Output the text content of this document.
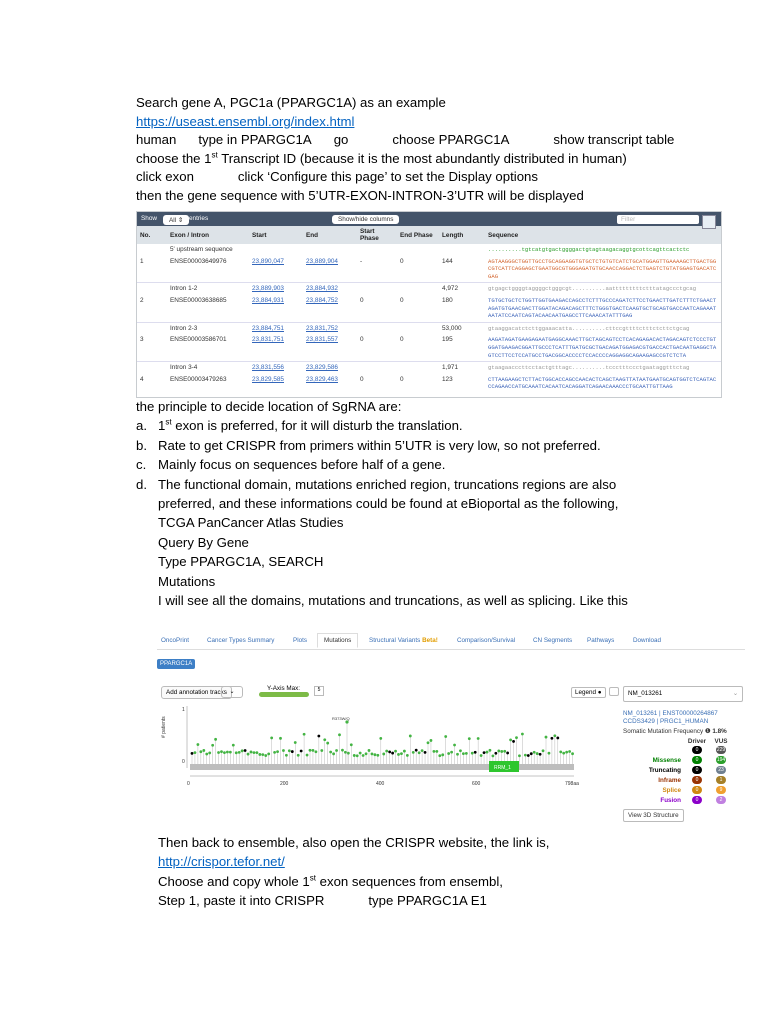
Search gene A, PGC1a (PPARGC1A) as an example

https://useast.ensembl.org/index.html

human type in PPARGC1A go	choose PPARGC1A	show transcript table

choose the 1st Transcript ID (because it is the most abundantly distributed in human)

click exon	click ‘Configure this page’ to set the Display options

then the gene sequence with 5’UTR-EXON-INTRON-3’UTR will be displayed

Show	All ⇕ entries	Show/hide columns	Filter
No.	Exon / Intron	Start	End	Start Phase	End Phase	Length	Sequence
	5' upstream sequence						..........tgtcatgtgactggggactgtagtaagacaggtgcottcagttcactctc
1	ENSE00003649976	23,890,047	23,889,904	-	0	144	AGTAAGGGCTGGTTGCCTGCAGGAGGTGTGCTCTGTGTCATCTGCATGGAGTTGAAAAGCTTGACTGGCGTCATTCAGGAGCTGAATGGCGTGGGAGATGTGCAACCAGGACTCTGAGTCTGTATGGAGTGACATCGAG
	Intron 1-2	23,889,903	23,884,932			4,972	gtgagctggggtaggggctgggcgt..........aatttttttttctttatagccctgcag
2	ENSE00003638685	23,884,931	23,884,752	0	0	180	TGTGCTGCTCTGGTTGGTGAAGACCAGCCTCTTTGCCCAGATCTTCCTGAACTTGATCTTTCTGAACTAGATGTGAACGACTTGGATACAGACAGCTTTCTGGGTGACTCAAGTGCTGCAGTGACCAATCAGAAATAATATCCAATCAGTACAACAATGAGCCTTCAAACATATTTGAG
	Intron 2-3	23,884,751	23,831,752			53,000	gtaaggacatctcttggaaacatta..........cttccgttttctttctcttctgcag
3	ENSE00003586701	23,831,751	23,831,557	0	0	195	AAGATAGATGAAGAGAATGAGGCAAACTTGCTAGCAGTCCTCACAGAGACACTAGACAGTCTCCCTGTGGATGAAGACGGATTGCCCTCATTTGATGCGCTGACAGATGGAGACGTGACCACTGACAATGAGGCTAGTCCTTCCTCCATGCCTGACGGCACCCCTCCACCCCAGGAGGCAGAAGAGCCGTCTCTA
	Intron 3-4	23,831,556	23,829,586			1,971	gtaagaacccttcctactgtttagc..........tccctttccctgaataggtttctag
4	ENSE00003479263	23,829,585	23,829,463	0	0	123	CTTAAGAAGCTCTTACTGGCACCAGCCAACACTCAGCTAAGTTATAATGAATGCAGTGGTCTCAGTACCCAGAACCATGCAAATCACAATCACAGGATCAGAACAAACCCTGCAATTGTTAAG

the principle to decide location of SgRNA are:

a. 1st exon is preferred, for it will disturb the translation.

b. Rate to get CRISPR from primers within 5’UTR is very low, so not preferred.

c. Mainly focus on sequences before half of a gene.

d. The functional domain, mutations enriched region, truncations regions are also

preferred, and these informations could be found at eBioportal as the following,

TCGA PanCancer Atlas Studies

Query By Gene

Type PPARGC1A, SEARCH

Mutations

I will see all the domains, mutations and truncations, as well as splicing. Like this

OncoPrint	Cancer Types Summary	Plots	Mutations	Structural Variants Beta!	Comparison/Survival	CN Segments Pathways	Download
PPARGC1A
Add annotation tracks ⌄	Y-Axis Max:	5	Legend ●
1
0
# patients
RRM_1
R373W/Q
0	200	400	600	798aa
NM_013261	⌄
NM_013261 | ENST00000264867
CCDS3429 | PRGC1_HUMAN
Somatic Mutation Frequency ❶ 1.8%
Driver	VUS
0	229
Missense	0	194
Truncating	0	23
Inframe	0	1
Splice	0	9
Fusion	0	2
View 3D Structure

Then back to ensemble, also open the CRISPR website, the link is,

http://crispor.tefor.net/

Choose and copy whole 1st exon sequences from ensembl,

Step 1, paste it into CRISPR	type PPARGC1A E1
